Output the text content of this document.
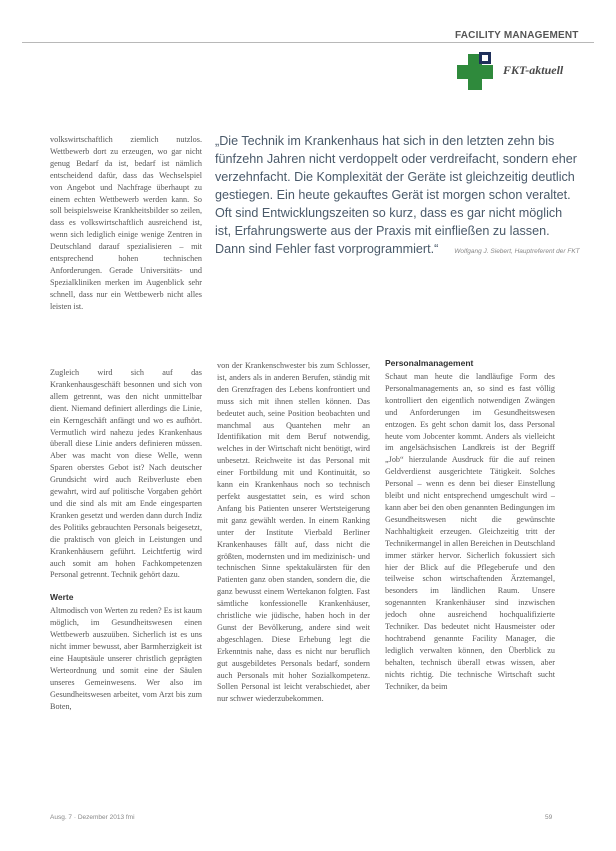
FACILITY MANAGEMENT
FKT-aktuell

volkswirtschaftlich ziemlich nutzlos. Wettbewerb dort zu erzeugen, wo gar nicht genug Bedarf da ist, bedarf ist nämlich entscheidend dafür, dass das Wechselspiel von Angebot und Nachfrage überhaupt zu einem echten Wettbewerb werden kann. So soll beispielsweise Krankheitsbilder so zeilen, dass es volkswirtschaftlich ausreichend ist, wenn sich lediglich einige wenige Zentren in Deutschland darauf spezialisieren – mit entsprechend hohen technischen Anforderungen. Gerade Universitäts- und Spezialkliniken merken im Augenblick sehr schnell, dass nur ein Wettbewerb nicht alles leisten ist.

„Die Technik im Krankenhaus hat sich in den letzten zehn bis fünfzehn Jahren nicht verdoppelt oder verdreifacht, sondern eher verzehnfacht. Die Komplexität der Geräte ist gleichzeitig deutlich gestiegen. Ein heute gekauftes Gerät ist morgen schon veraltet. Oft sind Entwicklungszeiten so kurz, dass es gar nicht möglich ist, Erfahrungswerte aus der Praxis mit einfließen zu lassen. Dann sind Fehler fast vorprogrammiert.“ Wolfgang J. Siebert, Hauptreferent der FKT

Zugleich wird sich auf das Krankenhausgeschäft besonnen und sich von allem getrennt, was den nicht unmittelbar dient. Niemand definiert allerdings die Linie, ein Kerngeschäft anfängt und wo es aufhört. Vermutlich wird nahezu jedes Krankenhaus überall diese Linie anders definieren müssen. Aber was macht von diese Welle, wenn Sparen oberstes Gebot ist? Nach deutscher Grundsicht wird auch Reibverluste eben gewahrt, wird auf politische Vorgaben gehört und die sind als mit am Ende eingesparten Kranken gesetzt und werden dann durch Indiz des Politiks gebrauchten Personals beigesetzt, die praktisch von gleich in Leistungen und Krankenhäusern geführt. Leichtfertig wird auch somit am hohen Fachkompetenzen Personal getrennt. Technik gehört dazu.

Werte

Altmodisch von Werten zu reden? Es ist kaum möglich, im Gesundheitswesen einen Wettbewerb auszuüben. Sicherlich ist es uns nicht immer bewusst, aber Barmherzigkeit ist eine Hauptsäule unserer christlich geprägten Werteordnung und somit eine der Säulen unseres Gemeinwesens. Wer also im Gesundheitswesen arbeitet, vom Arzt bis zum Boten,

von der Krankenschwester bis zum Schlosser, ist, anders als in anderen Berufen, ständig mit den Grenzfragen des Lebens konfrontiert und muss sich mit ihnen stellen können. Das bedeutet auch, seine Position beobachten und manchmal aus Quantehen mehr an Identifikation mit dem Beruf notwendig, welches in der Wirtschaft nicht benötigt, wird unbesetzt. Reichweite ist das Personal mit einer Fortbildung mit und Kontinuität, so kann ein Krankenhaus noch so technisch perfekt ausgestattet sein, es wird schon Anfang bis Patienten unserer Wertsteigerung mit ganz gewählt werden. In einem Ranking unter der Institute Vierbald Berliner Krankenhauses fällt auf, dass nicht die größten, modernsten und im medizinisch- und technischen Sinne spektakulärsten für den Patienten ganz oben standen, sondern die, die ganz bewusst einem Wertekanon folgten. Fast sämtliche konfessionelle Krankenhäuser, christliche wie jüdische, haben hoch in der Gunst der Bevölkerung, andere sind weit abgeschlagen. Diese Erhebung legt die Erkenntnis nahe, dass es nicht nur beruflich gut ausgebildetes Personals bedarf, sondern auch Personals mit hoher Sozialkompetenz. Sollen Personal ist leicht verabschiedet, aber nur schwer wiederzubekommen.

Personalmanagement

Schaut man heute die landläufige Form des Personalmanagements an, so sind es fast völlig kontrolliert den eigentlich notwendigen Zwängen und Anforderungen im Gesundheitswesen entzogen. Es geht schon damit los, dass Personal heute vom Jobcenter kommt. Anders als vielleicht im angelsächsischen Landkreis ist der Begriff „Job“ hierzulande Ausdruck für die auf reinen Geldverdienst ausgerichtete Tätigkeit. Solches Personal – wenn es denn bei dieser Einstellung bleibt und nicht entsprechend umgeschult wird – kann aber bei den oben genannten Bedingungen im Gesundheitswesen nicht die gewünschte Nachhaltigkeit erzeugen. Gleichzeitig tritt der Technikermangel in allen Bereichen in Deutschland immer stärker hervor. Sicherlich fokussiert sich hier der Blick auf die Pflegeberufe und den teilweise schon wirtschaftenden Ärztemangel, besonders im ländlichen Raum. Unsere sogenannten Krankenhäuser sind inzwischen jedoch ohne ausreichend hochqualifizierte Techniker. Das bedeutet nicht Hausmeister oder hochtrabend genannte Facility Manager, die lediglich verwalten können, den Überblick zu behalten, technisch überall etwas wissen, aber nichts richtig. Die technische Wirtschaft sucht Techniker, da beim

Ausg. 7 · Dezember 2013 fmi	59
